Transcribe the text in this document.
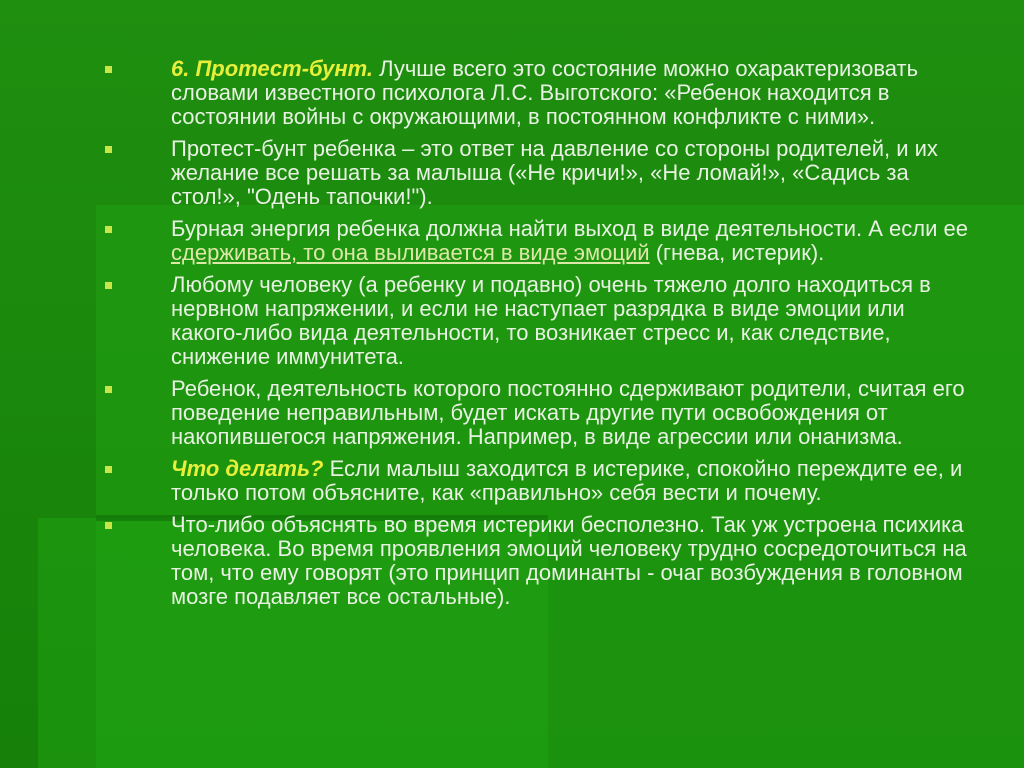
6. Протест-бунт. Лучше всего это состояние можно охарактеризовать словами известного психолога Л.С. Выготского: «Ребенок находится в состоянии войны с окружающими, в постоянном конфликте с ними».
Протест-бунт ребенка – это ответ на давление со стороны родителей, и их желание все решать за малыша («Не кричи!», «Не ломай!», «Садись за стол!», "Одень тапочки!").
Бурная энергия ребенка должна найти выход в виде деятельности. А если ее сдерживать, то она выливается в виде эмоций (гнева, истерик).
Любому человеку (а ребенку и подавно) очень тяжело долго находиться в нервном напряжении, и если не наступает разрядка в виде эмоции или какого-либо вида деятельности, то возникает стресс и, как следствие, снижение иммунитета.
Ребенок, деятельность которого постоянно сдерживают родители, считая его поведение неправильным, будет искать другие пути освобождения от накопившегося напряжения. Например, в виде агрессии или онанизма.
Что делать? Если малыш заходится в истерике, спокойно переждите ее, и только потом объясните, как «правильно» себя вести и почему.
Что-либо объяснять во время истерики бесполезно. Так уж устроена психика человека. Во время проявления эмоций человеку трудно сосредоточиться на том, что ему говорят (это принцип доминанты - очаг возбуждения в головном мозге подавляет все остальные).
